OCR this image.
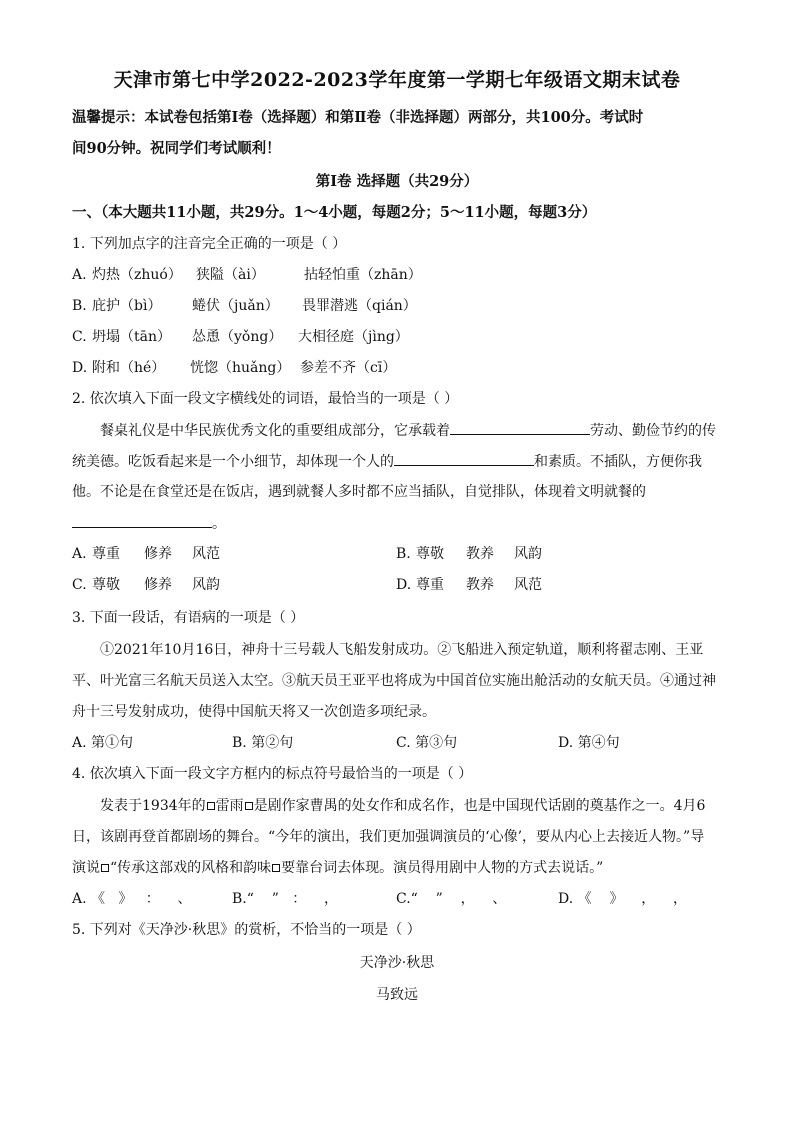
天津市第七中学2022-2023学年度第一学期七年级语文期末试卷
温馨提示：本试卷包括第Ⅰ卷（选择题）和第Ⅱ卷（非选择题）两部分，共100分。考试时
间90分钟。祝同学们考试顺利！
第Ⅰ卷 选择题（共29分）
一、（本大题共11小题，共29分。1～4小题，每题2分；5～11小题，每题3分）
1. 下列加点字的注音完全正确的一项是（ ）
A. 灼热（zhuó） 狭隘（ài）	拈轻怕重（zhān）
B. 庇护（bì） 蜷伏（juǎn） 畏罪潜逃（qián）
C. 坍塌（tān） 怂恿（yǒng） 大相径庭（jìng）
D. 附和（hé） 恍惚（huǎng） 参差不齐（cī）
2. 依次填入下面一段文字横线处的词语，最恰当的一项是（ ）
餐桌礼仪是中华民族优秀文化的重要组成部分，它承载着	劳动、勤俭节约的传
统美德。吃饭看起来是一个小细节，却体现一个人的	和素质。不插队，方便你我
他。不论是在食堂还是在饭店，遇到就餐人多时都不应当插队，自觉排队，体现着文明就餐的
。
A. 尊重 修养 风范	B. 尊敬 教养 风韵
C. 尊敬 修养 风韵	D. 尊重 教养 风范
3. 下面一段话，有语病的一项是（ ）
①2021年10月16日，神舟十三号载人飞船发射成功。②飞船进入预定轨道，顺利将翟志刚、王亚
平、叶光富三名航天员送入太空。③航天员王亚平也将成为中国首位实施出舱活动的女航天员。④通过神
舟十三号发射成功，使得中国航天将又一次创造多项纪录。
A. 第①句	B. 第②句	C. 第③句	D. 第④句
4. 依次填入下面一段文字方框内的标点符号最恰当的一项是（ ）
发表于1934年的 雷雨 是剧作家曹禺的处女作和成名作，也是中国现代话剧的奠基作之一。4月6
日，该剧再登首都剧场的舞台。“今年的演出，我们更加强调演员的‘心像’，要从内心上去接近人物。”导
演说 “传承这部戏的风格和韵味 要靠台词去体现。演员得用剧中人物的方式去说话。”
A. 《   》   ：    、	B.“    ”   ：    ，	C.“    ”    ，    、	D. 《    》    ，    ，
5. 下列对《天净沙·秋思》的赏析，不恰当的一项是（ ）
天净沙·秋思
马致远
